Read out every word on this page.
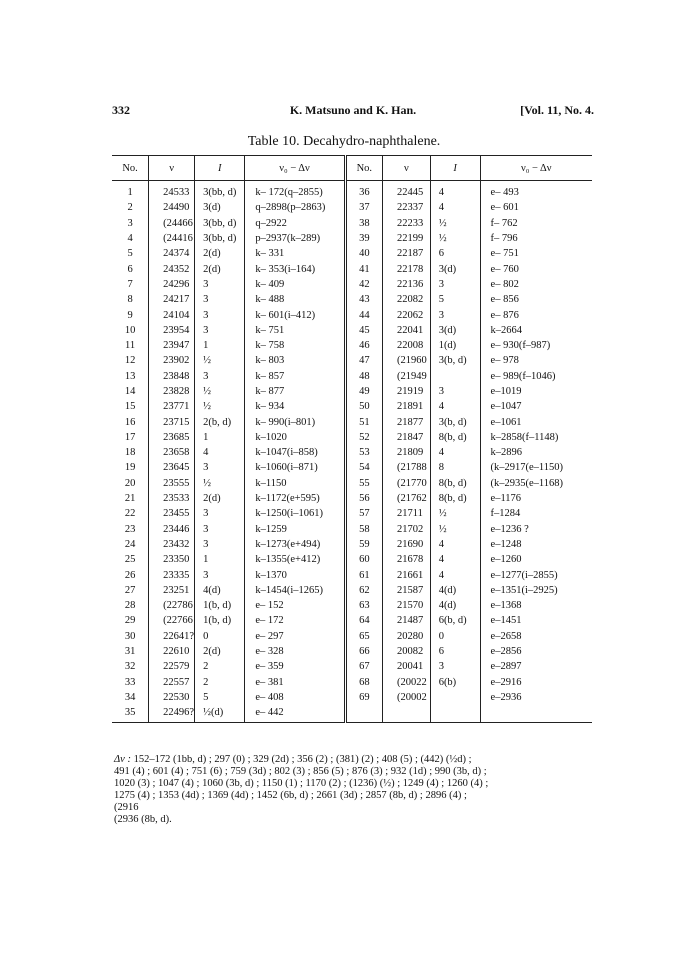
332	K. Matsuno and K. Han.	[Vol. 11, No. 4.
Table 10. Decahydro-naphthalene.
No.	ν	I	ν₀ − Δν	No.	ν	I	ν₀ − Δν
1	24533	3(bb, d)	k– 172(q–2855)	36	22445	4	e– 493
2	24490	3(d)	q–2898(p–2863)	37	22337	4	e– 601
3	(24466	3(bb, d)	q–2922	38	22233	½	f– 762
4	(24416	3(bb, d)	p–2937(k–289)	39	22199	½	f– 796
5	24374	2(d)	k– 331	40	22187	6	e– 751
6	24352	2(d)	k– 353(i–164)	41	22178	3(d)	e– 760
7	24296	3	k– 409	42	22136	3	e– 802
8	24217	3	k– 488	43	22082	5	e– 856
9	24104	3	k– 601(i–412)	44	22062	3	e– 876
10	23954	3	k– 751	45	22041	3(d)	k–2664
11	23947	1	k– 758	46	22008	1(d)	e– 930(f–987)
12	23902	½	k– 803	47	(21960	3(b, d)	e– 978
13	23848	3	k– 857	48	(21949		e– 989(f–1046)
14	23828	½	k– 877	49	21919	3	e–1019
15	23771	½	k– 934	50	21891	4	e–1047
16	23715	2(b, d)	k– 990(i–801)	51	21877	3(b, d)	e–1061
17	23685	1	k–1020	52	21847	8(b, d)	k–2858(f–1148)
18	23658	4	k–1047(i–858)	53	21809	4	k–2896
19	23645	3	k–1060(i–871)	54	(21788	8	(k–2917(e–1150)
20	23555	½	k–1150	55	(21770	8(b, d)	(k–2935(e–1168)
21	23533	2(d)	k–1172(e+595)	56	(21762	8(b, d)	e–1176
22	23455	3	k–1250(i–1061)	57	21711	½	f–1284
23	23446	3	k–1259	58	21702	½	e–1236 ?
24	23432	3	k–1273(e+494)	59	21690	4	e–1248
25	23350	1	k–1355(e+412)	60	21678	4	e–1260
26	23335	3	k–1370	61	21661	4	e–1277(i–2855)
27	23251	4(d)	k–1454(i–1265)	62	21587	4(d)	e–1351(i–2925)
28	(22786	1(b, d)	e– 152	63	21570	4(d)	e–1368
29	(22766	1(b, d)	e– 172	64	21487	6(b, d)	e–1451
30	22641?	0	e– 297	65	20280	0	e–2658
31	22610	2(d)	e– 328	66	20082	6	e–2856
32	22579	2	e– 359	67	20041	3	e–2897
33	22557	2	e– 381	68	(20022	6(b)	e–2916
34	22530	5	e– 408	69	(20002		e–2936
35	22496?	½(d)	e– 442				
Δν : 152–172 (1bb, d) ; 297 (0) ; 329 (2d) ; 356 (2) ; (381) (2) ; 408 (5) ; (442) (½d) ;
491 (4) ; 601 (4) ; 751 (6) ; 759 (3d) ; 802 (3) ; 856 (5) ; 876 (3) ; 932 (1d) ; 990 (3b, d) ;
1020 (3) ; 1047 (4) ; 1060 (3b, d) ; 1150 (1) ; 1170 (2) ; (1236) (½) ; 1249 (4) ; 1260 (4) ;
1275 (4) ; 1353 (4d) ; 1369 (4d) ; 1452 (6b, d) ; 2661 (3d) ; 2857 (8b, d) ; 2896 (4) ;
(2916
(2936 (8b, d).
